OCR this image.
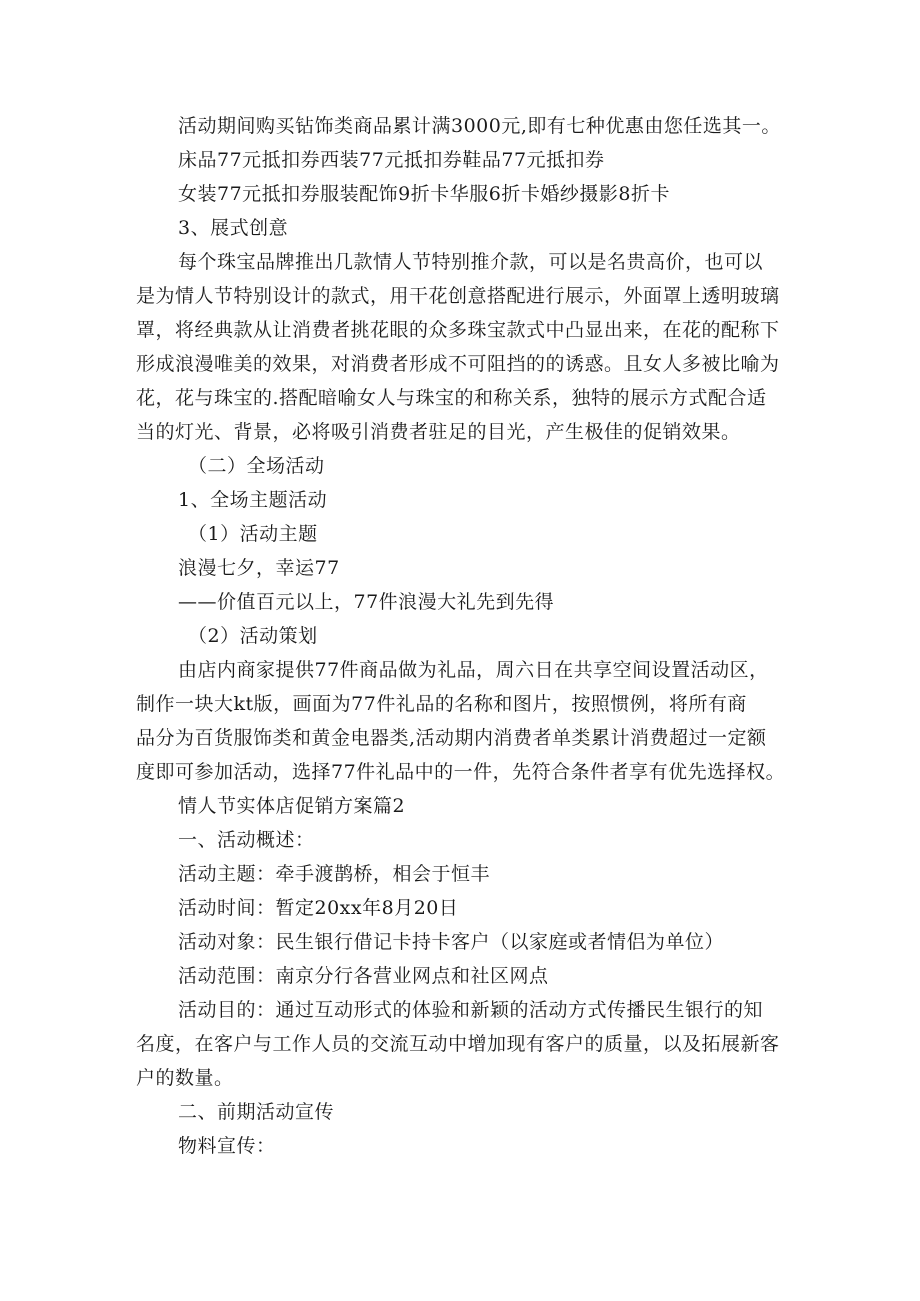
活动期间购买钻饰类商品累计满3000元,即有七种优惠由您任选其一。
床品77元抵扣券西装77元抵扣券鞋品77元抵扣券
女装77元抵扣券服装配饰9折卡华服6折卡婚纱摄影8折卡
3、展式创意
每个珠宝品牌推出几款情人节特别推介款，可以是名贵高价，也可以
是为情人节特别设计的款式，用干花创意搭配进行展示，外面罩上透明玻璃
罩，将经典款从让消费者挑花眼的众多珠宝款式中凸显出来，在花的配称下
形成浪漫唯美的效果，对消费者形成不可阻挡的的诱惑。且女人多被比喻为
花，花与珠宝的.搭配暗喻女人与珠宝的和称关系，独特的展示方式配合适
当的灯光、背景，必将吸引消费者驻足的目光，产生极佳的促销效果。
（二）全场活动
1、全场主题活动
（1）活动主题
浪漫七夕，幸运77
——价值百元以上，77件浪漫大礼先到先得
（2）活动策划
由店内商家提供77件商品做为礼品，周六日在共享空间设置活动区，
制作一块大kt版，画面为77件礼品的名称和图片，按照惯例，将所有商
品分为百货服饰类和黄金电器类,活动期内消费者单类累计消费超过一定额
度即可参加活动，选择77件礼品中的一件，先符合条件者享有优先选择权。
情人节实体店促销方案篇2
一、活动概述：
活动主题：牵手渡鹊桥，相会于恒丰
活动时间：暂定20xx年8月20日
活动对象：民生银行借记卡持卡客户（以家庭或者情侣为单位）
活动范围：南京分行各营业网点和社区网点
活动目的：通过互动形式的体验和新颖的活动方式传播民生银行的知
名度，在客户与工作人员的交流互动中增加现有客户的质量，以及拓展新客
户的数量。
二、前期活动宣传
物料宣传：
